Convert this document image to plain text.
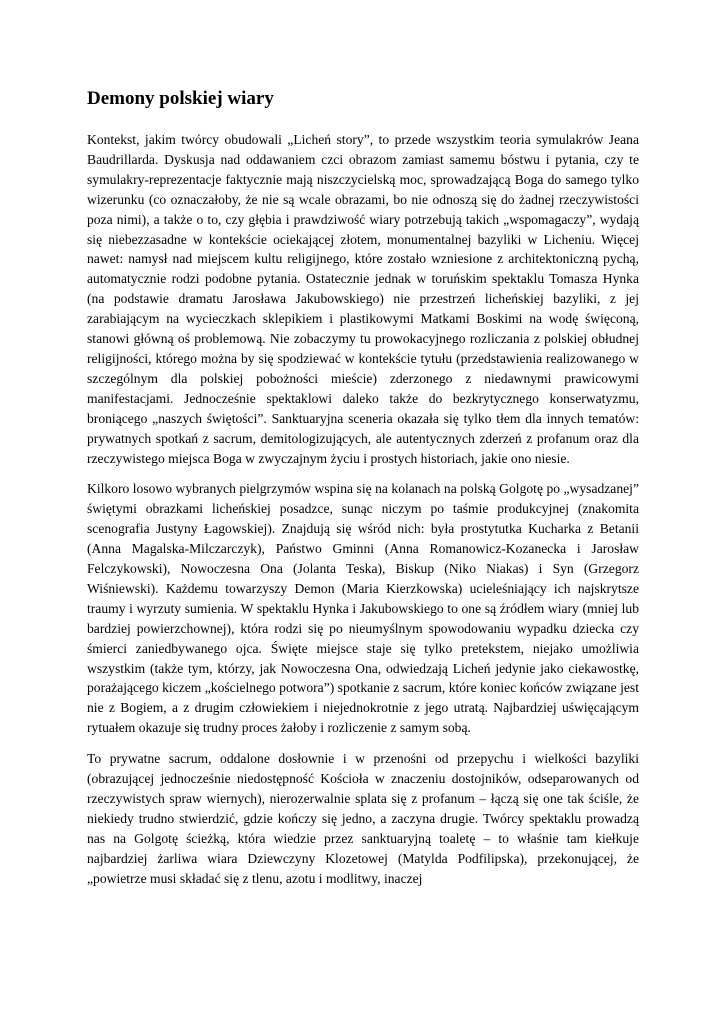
Demony polskiej wiary

Kontekst, jakim twórcy obudowali „Licheń story”, to przede wszystkim teoria symulakrów Jeana Baudrillarda. Dyskusja nad oddawaniem czci obrazom zamiast samemu bóstwu i pytania, czy te symulakry-reprezentacje faktycznie mają niszczycielską moc, sprowadzającą Boga do samego tylko wizerunku (co oznaczałoby, że nie są wcale obrazami, bo nie odnoszą się do żadnej rzeczywistości poza nimi), a także o to, czy głębia i prawdziwość wiary potrzebują takich „wspomagaczy”, wydają się niebezzasadne w kontekście ociekającej złotem, monumentalnej bazyliki w Licheniu. Więcej nawet: namysł nad miejscem kultu religijnego, które zostało wzniesione z architektoniczną pychą, automatycznie rodzi podobne pytania. Ostatecznie jednak w toruńskim spektaklu Tomasza Hynka (na podstawie dramatu Jarosława Jakubowskiego) nie przestrzeń licheńskiej bazyliki, z jej zarabiającym na wycieczkach sklepikiem i plastikowymi Matkami Boskimi na wodę święconą, stanowi główną oś problemową. Nie zobaczymy tu prowokacyjnego rozliczania z polskiej obłudnej religijności, którego można by się spodziewać w kontekście tytułu (przedstawienia realizowanego w szczególnym dla polskiej pobożności mieście) zderzonego z niedawnymi prawicowymi manifestacjami. Jednocześnie spektaklowi daleko także do bezkrytycznego konserwatyzmu, broniącego „naszych świętości”. Sanktuaryjna sceneria okazała się tylko tłem dla innych tematów: prywatnych spotkań z sacrum, demitologizujących, ale autentycznych zderzeń z profanum oraz dla rzeczywistego miejsca Boga w zwyczajnym życiu i prostych historiach, jakie ono niesie.

Kilkoro losowo wybranych pielgrzymów wspina się na kolanach na polską Golgotę po „wysadzanej” świętymi obrazkami licheńskiej posadzce, sunąc niczym po taśmie produkcyjnej (znakomita scenografia Justyny Łagowskiej). Znajdują się wśród nich: była prostytutka Kucharka z Betanii (Anna Magalska-Milczarczyk), Państwo Gminni (Anna Romanowicz-Kozanecka i Jarosław Felczykowski), Nowoczesna Ona (Jolanta Teska), Biskup (Niko Niakas) i Syn (Grzegorz Wiśniewski). Każdemu towarzyszy Demon (Maria Kierzkowska) ucieleśniający ich najskrytsze traumy i wyrzuty sumienia. W spektaklu Hynka i Jakubowskiego to one są źródłem wiary (mniej lub bardziej powierzchownej), która rodzi się po nieumyślnym spowodowaniu wypadku dziecka czy śmierci zaniedbywanego ojca. Święte miejsce staje się tylko pretekstem, niejako umożliwia wszystkim (także tym, którzy, jak Nowoczesna Ona, odwiedzają Licheń jedynie jako ciekawostkę, porażającego kiczem „kościelnego potwora”) spotkanie z sacrum, które koniec końców związane jest nie z Bogiem, a z drugim człowiekiem i niejednokrotnie z jego utratą. Najbardziej uświęcającym rytuałem okazuje się trudny proces żałoby i rozliczenie z samym sobą.

To prywatne sacrum, oddalone dosłownie i w przenośni od przepychu i wielkości bazyliki (obrazującej jednocześnie niedostępność Kościoła w znaczeniu dostojników, odseparowanych od rzeczywistych spraw wiernych), nierozerwalnie splata się z profanum – łączą się one tak ściśle, że niekiedy trudno stwierdzić, gdzie kończy się jedno, a zaczyna drugie. Twórcy spektaklu prowadzą nas na Golgotę ścieżką, która wiedzie przez sanktuaryjną toaletę – to właśnie tam kiełkuje najbardziej żarliwa wiara Dziewczyny Klozetowej (Matylda Podfilipska), przekonującej, że „powietrze musi składać się z tlenu, azotu i modlitwy, inaczej
